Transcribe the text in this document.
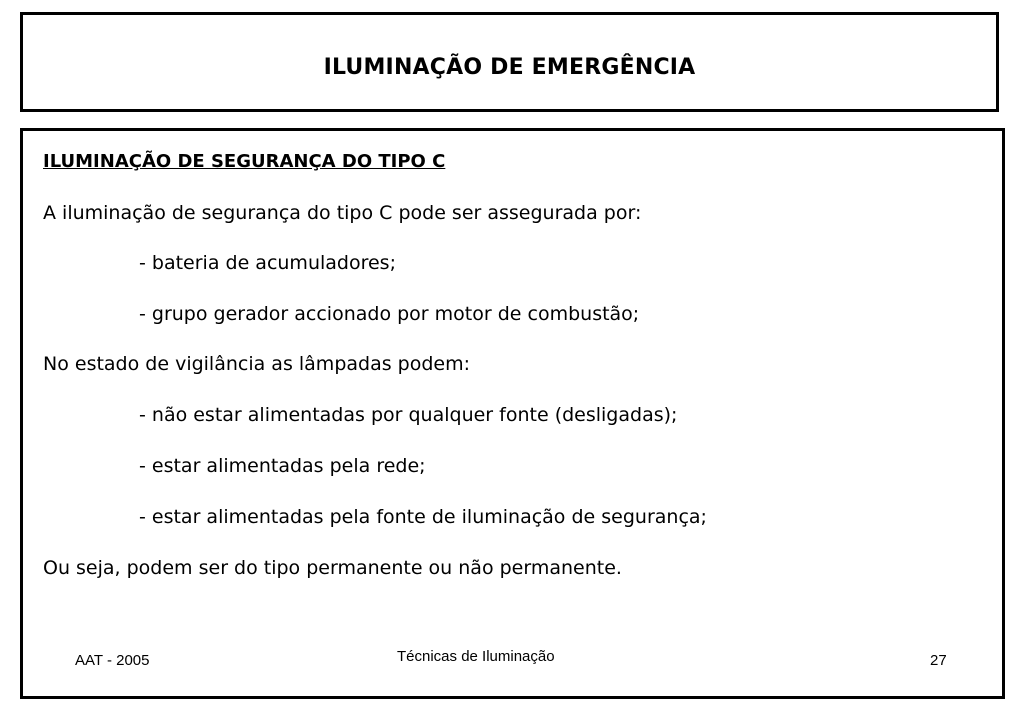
ILUMINAÇÃO DE EMERGÊNCIA
ILUMINAÇÃO DE SEGURANÇA DO TIPO C
A iluminação de segurança do tipo C pode ser assegurada por:
- bateria de acumuladores;
- grupo gerador accionado por motor de combustão;
No estado de vigilância as lâmpadas podem:
- não estar alimentadas por qualquer fonte (desligadas);
- estar alimentadas pela rede;
- estar alimentadas pela fonte de iluminação de segurança;
Ou seja, podem ser do tipo permanente ou não permanente.
AAT - 2005	Técnicas de Iluminação	27
